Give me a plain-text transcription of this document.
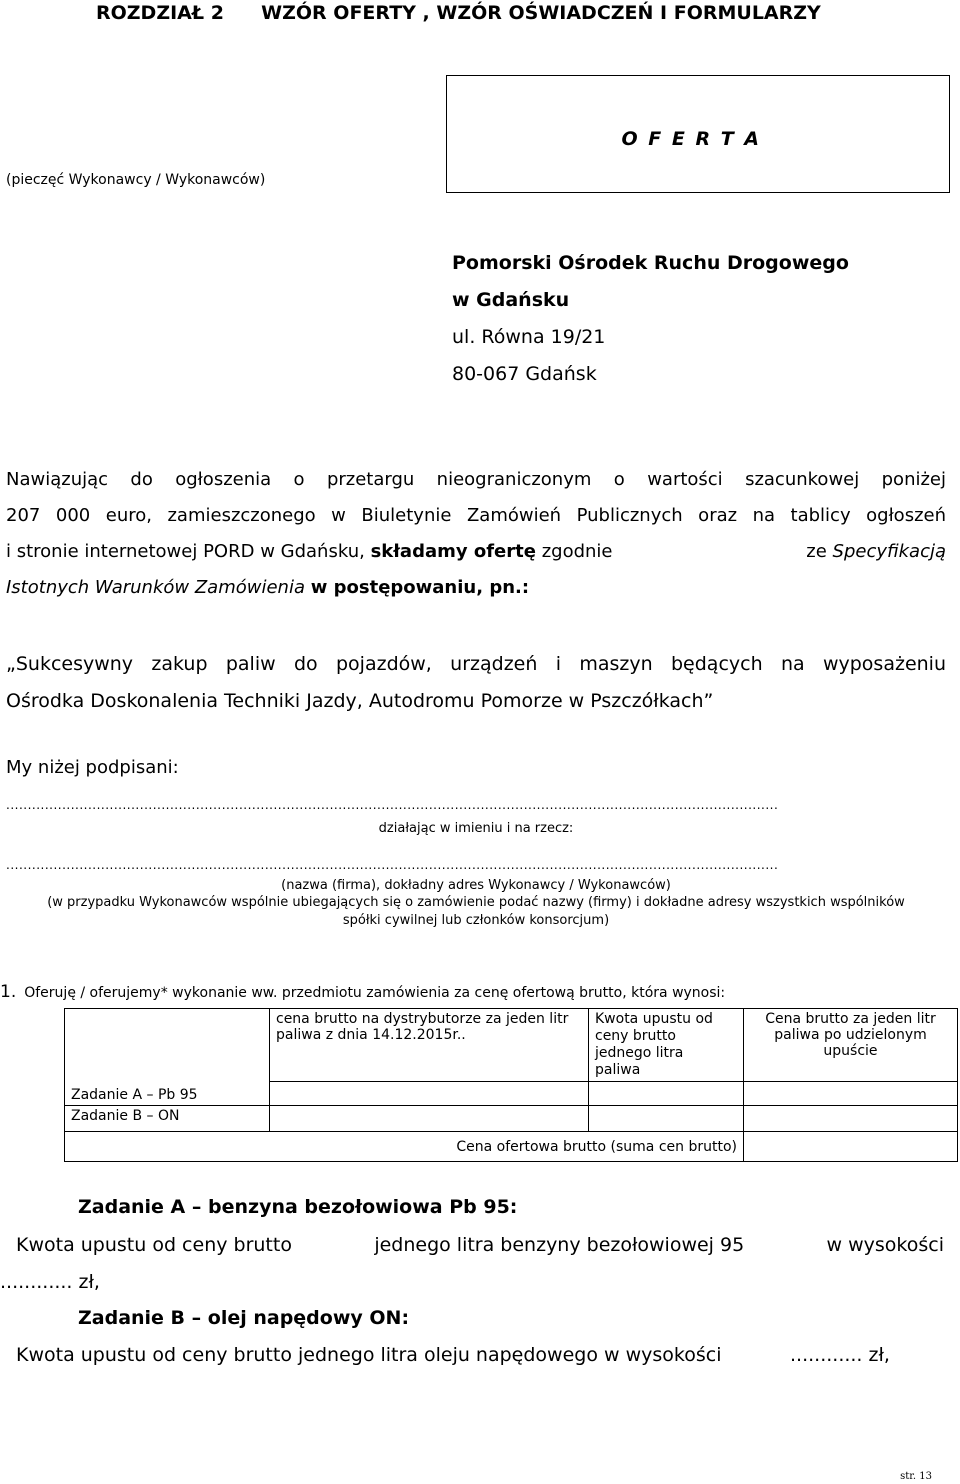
ROZDZIAŁ 2 WZÓR OFERTY , WZÓR OŚWIADCZEŃ I FORMULARZY
O F E R T A
(pieczęć Wykonawcy / Wykonawców)
Pomorski Ośrodek Ruchu Drogowego
w Gdańsku
ul. Równa 19/21
80-067 Gdańsk
Nawiązując do ogłoszenia o przetargu nieograniczonym o wartości szacunkowej poniżej
207 000 euro, zamieszczonego w Biuletynie Zamówień Publicznych oraz na tablicy ogłoszeń
i stronie internetowej PORD w Gdańsku, składamy ofertę zgodnie	ze Specyfikacją
Istotnych Warunków Zamówienia w postępowaniu, pn.:
„Sukcesywny zakup paliw do pojazdów, urządzeń i maszyn będących na wyposażeniu
Ośrodka Doskonalenia Techniki Jazdy, Autodromu Pomorze w Pszczółkach”
My niżej podpisani:
...................................................................................................................................................................................
działając w imieniu i na rzecz:
...................................................................................................................................................................................
(nazwa (firma), dokładny adres Wykonawcy / Wykonawców)
(w przypadku Wykonawców wspólnie ubiegających się o zamówienie podać nazwy (firmy) i dokładne adresy wszystkich wspólników
spółki cywilnej lub członków konsorcjum)
1. Oferuję / oferujemy* wykonanie ww. przedmiotu zamówienia za cenę ofertową brutto, która wynosi:
	cena brutto na dystrybutorze za jeden litr paliwa z dnia 14.12.2015r..	Kwota upustu od
ceny brutto
jednego litra
paliwa	Cena brutto za jeden litr paliwa po udzielonym upuście
Zadanie A – Pb 95			
Zadanie B – ON			
Cena ofertowa brutto (suma cen brutto)			
Zadanie A – benzyna bezołowiowa Pb 95:
Kwota upustu od ceny brutto	jednego litra benzyny bezołowiowej 95	w wysokości
............ zł,
Zadanie B – olej napędowy ON:
Kwota upustu od ceny brutto jednego litra oleju napędowego w wysokości	............ zł,
str. 13
